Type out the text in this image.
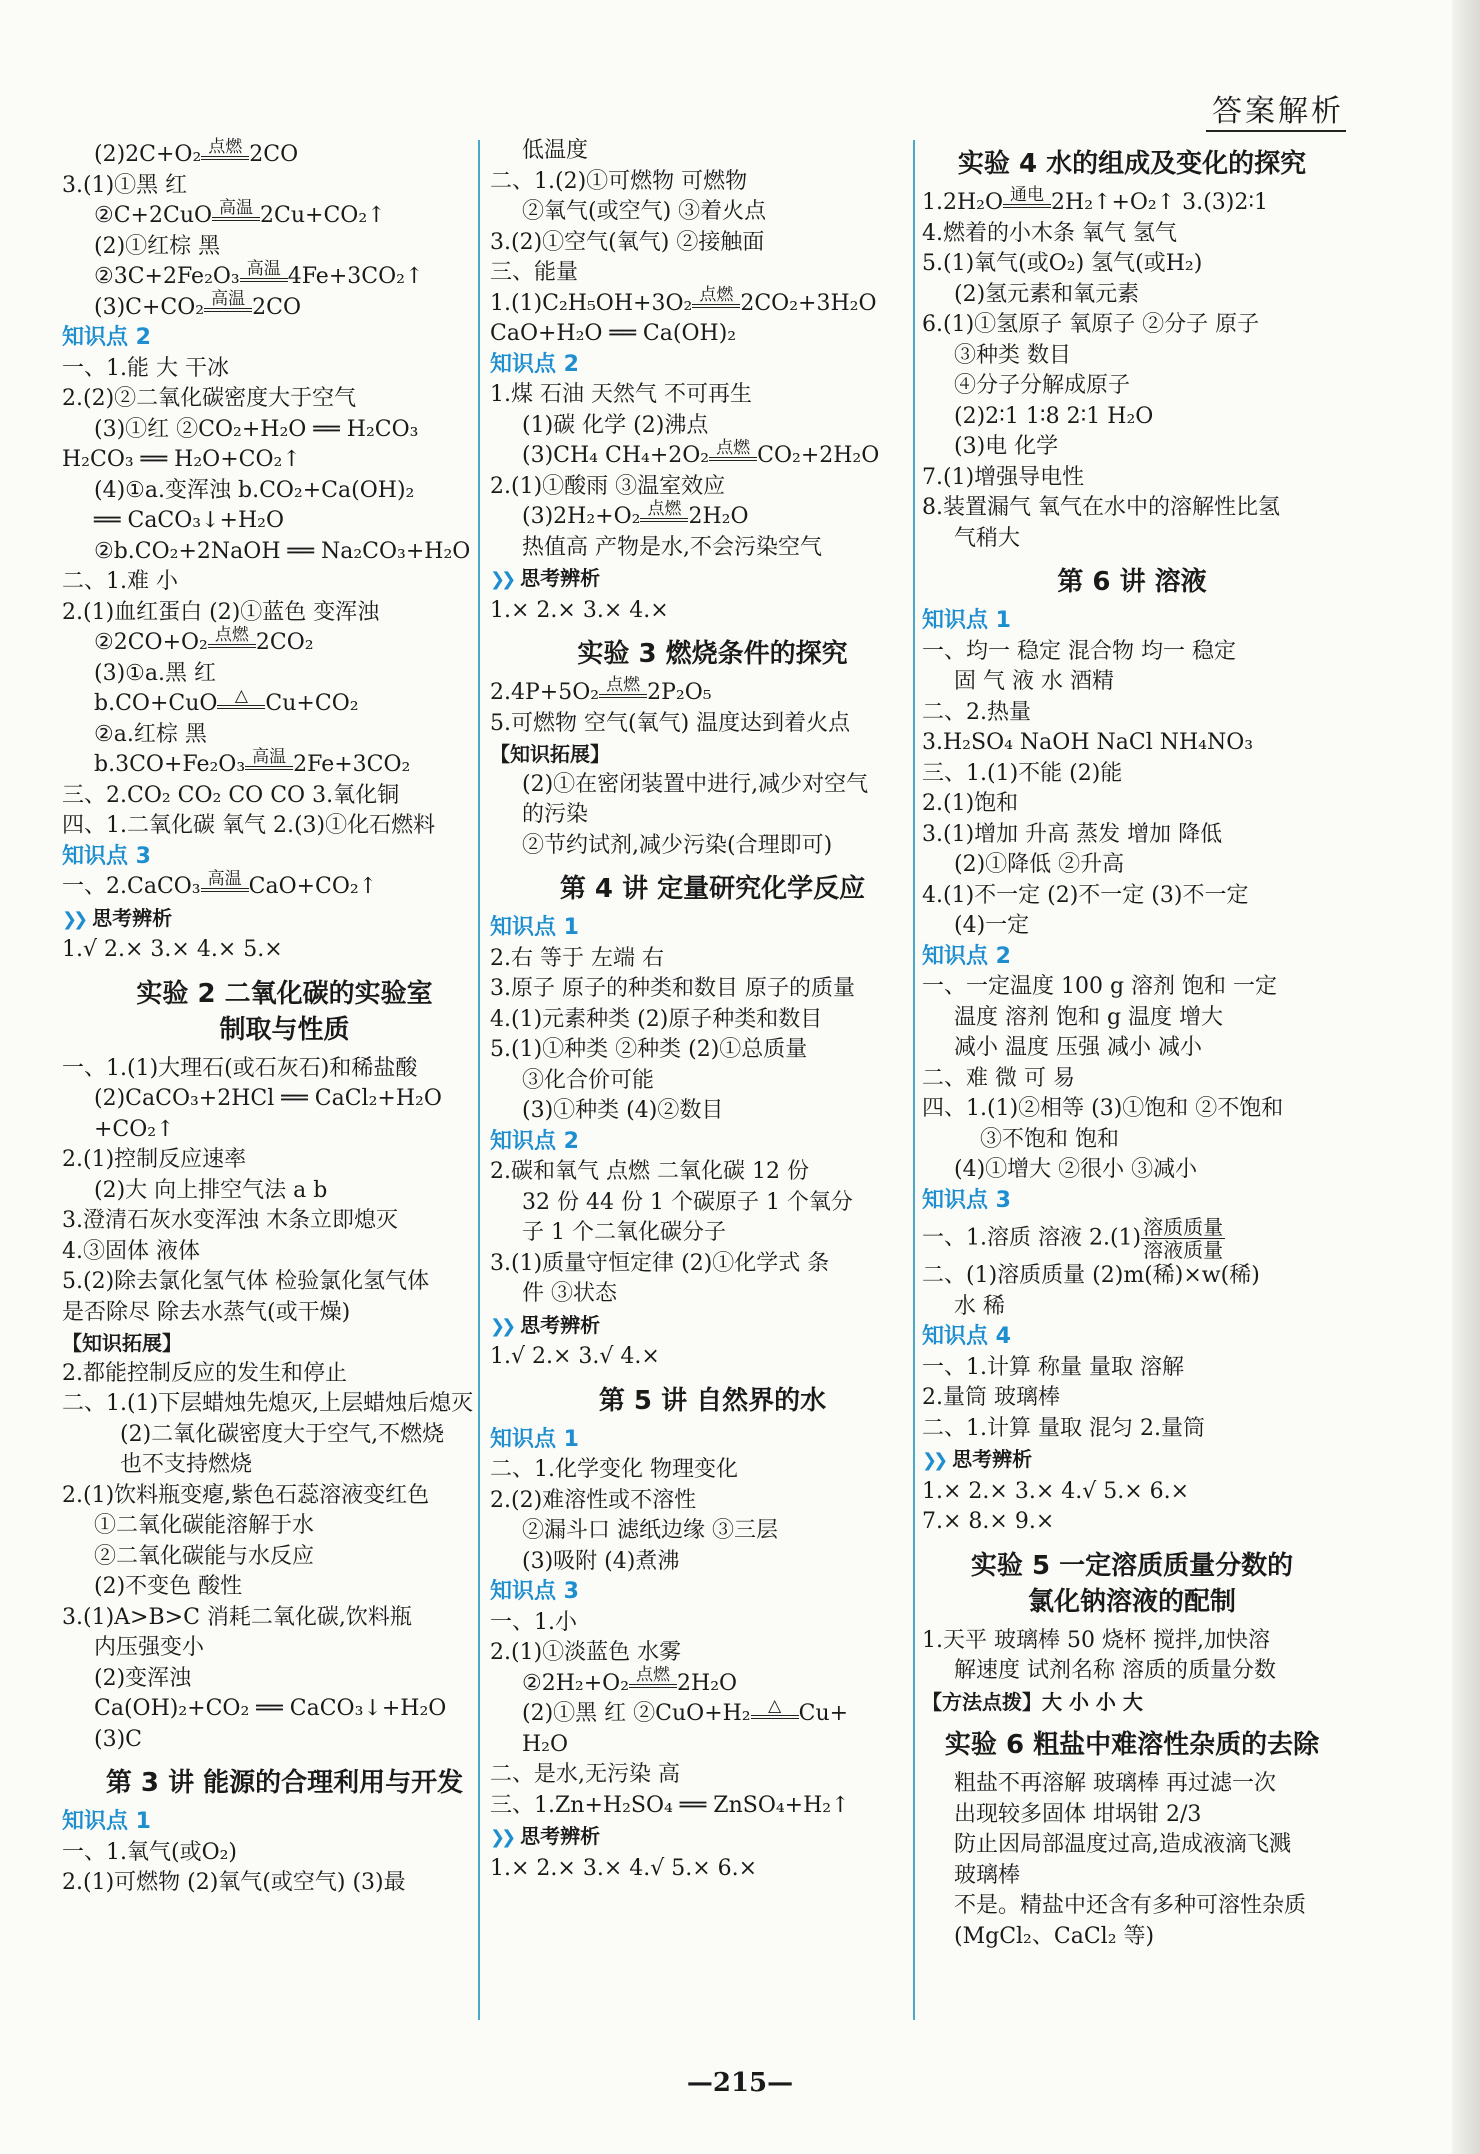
答案解析
(2)2C+O₂ 点燃 2CO
3.(1)①黑 红
②C+2CuO 高温 2Cu+CO₂↑
(2)①红棕 黑
②3C+2Fe₂O₃ 高温 4Fe+3CO₂↑
(3)C+CO₂ 高温 2CO
知识点 2
一、1.能 大 干冰
2.(2)②二氧化碳密度大于空气
(3)①红 ②CO₂+H₂O ══ H₂CO₃
H₂CO₃ ══ H₂O+CO₂↑
(4)①a.变浑浊 b.CO₂+Ca(OH)₂
══ CaCO₃↓+H₂O
②b.CO₂+2NaOH ══ Na₂CO₃+H₂O
二、1.难 小
2.(1)血红蛋白 (2)①蓝色 变浑浊
②2CO+O₂ 点燃 2CO₂
(3)①a.黑 红
b.CO+CuO △ Cu+CO₂
②a.红棕 黑
b.3CO+Fe₂O₃ 高温 2Fe+3CO₂
三、2.CO₂ CO₂ CO CO 3.氧化铜
四、1.二氧化碳 氧气 2.(3)①化石燃料
知识点 3
一、2.CaCO₃ 高温 CaO+CO₂↑
❯❯ 思考辨析
1.√ 2.× 3.× 4.× 5.×
实验 2 二氧化碳的实验室
制取与性质
一、1.(1)大理石(或石灰石)和稀盐酸
(2)CaCO₃+2HCl ══ CaCl₂+H₂O
+CO₂↑
2.(1)控制反应速率
(2)大 向上排空气法 a b
3.澄清石灰水变浑浊 木条立即熄灭
4.③固体 液体
5.(2)除去氯化氢气体 检验氯化氢气体
是否除尽 除去水蒸气(或干燥)
【知识拓展】
2.都能控制反应的发生和停止
二、1.(1)下层蜡烛先熄灭,上层蜡烛后熄灭
(2)二氧化碳密度大于空气,不燃烧
也不支持燃烧
2.(1)饮料瓶变瘪,紫色石蕊溶液变红色
①二氧化碳能溶解于水
②二氧化碳能与水反应
(2)不变色 酸性
3.(1)A>B>C 消耗二氧化碳,饮料瓶
内压强变小
(2)变浑浊
Ca(OH)₂+CO₂ ══ CaCO₃↓+H₂O
(3)C
第 3 讲 能源的合理利用与开发
知识点 1
一、1.氧气(或O₂)
2.(1)可燃物 (2)氧气(或空气) (3)最
低温度
二、1.(2)①可燃物 可燃物
②氧气(或空气) ③着火点
3.(2)①空气(氧气) ②接触面
三、能量
1.(1)C₂H₅OH+3O₂ 点燃 2CO₂+3H₂O
CaO+H₂O ══ Ca(OH)₂
知识点 2
1.煤 石油 天然气 不可再生
(1)碳 化学 (2)沸点
(3)CH₄ CH₄+2O₂ 点燃 CO₂+2H₂O
2.(1)①酸雨 ③温室效应
(3)2H₂+O₂ 点燃 2H₂O
热值高 产物是水,不会污染空气
❯❯ 思考辨析
1.× 2.× 3.× 4.×
实验 3 燃烧条件的探究
2.4P+5O₂ 点燃 2P₂O₅
5.可燃物 空气(氧气) 温度达到着火点
【知识拓展】
(2)①在密闭装置中进行,减少对空气
的污染
②节约试剂,减少污染(合理即可)
第 4 讲 定量研究化学反应
知识点 1
2.右 等于 左端 右
3.原子 原子的种类和数目 原子的质量
4.(1)元素种类 (2)原子种类和数目
5.(1)①种类 ②种类 (2)①总质量
③化合价可能
(3)①种类 (4)②数目
知识点 2
2.碳和氧气 点燃 二氧化碳 12 份
32 份 44 份 1 个碳原子 1 个氧分
子 1 个二氧化碳分子
3.(1)质量守恒定律 (2)①化学式 条
件 ③状态
❯❯ 思考辨析
1.√ 2.× 3.√ 4.×
第 5 讲 自然界的水
知识点 1
二、1.化学变化 物理变化
2.(2)难溶性或不溶性
②漏斗口 滤纸边缘 ③三层
(3)吸附 (4)煮沸
知识点 3
一、1.小
2.(1)①淡蓝色 水雾
②2H₂+O₂ 点燃 2H₂O
(2)①黑 红 ②CuO+H₂ △ Cu+
H₂O
二、是水,无污染 高
三、1.Zn+H₂SO₄ ══ ZnSO₄+H₂↑
❯❯ 思考辨析
1.× 2.× 3.× 4.√ 5.× 6.×
实验 4 水的组成及变化的探究
1.2H₂O 通电 2H₂↑+O₂↑ 3.(3)2∶1
4.燃着的小木条 氧气 氢气
5.(1)氧气(或O₂) 氢气(或H₂)
(2)氢元素和氧元素
6.(1)①氢原子 氧原子 ②分子 原子
③种类 数目
④分子分解成原子
(2)2∶1 1∶8 2∶1 H₂O
(3)电 化学
7.(1)增强导电性
8.装置漏气 氧气在水中的溶解性比氢
气稍大
第 6 讲 溶液
知识点 1
一、均一 稳定 混合物 均一 稳定
固 气 液 水 酒精
二、2.热量
3.H₂SO₄ NaOH NaCl NH₄NO₃
三、1.(1)不能 (2)能
2.(1)饱和
3.(1)增加 升高 蒸发 增加 降低
(2)①降低 ②升高
4.(1)不一定 (2)不一定 (3)不一定
(4)一定
知识点 2
一、一定温度 100 g 溶剂 饱和 一定
温度 溶剂 饱和 g 温度 增大
减小 温度 压强 减小 减小
二、难 微 可 易
四、1.(1)②相等 (3)①饱和 ②不饱和
③不饱和 饱和
(4)①增大 ②很小 ③减小
知识点 3
一、1.溶质 溶液 $2.(1) \frac{\text{溶质质量}}{\text{溶液质量}}$
二、(1)溶质质量 (2)m(稀)×w(稀)
水 稀
知识点 4
一、1.计算 称量 量取 溶解
2.量筒 玻璃棒
二、1.计算 量取 混匀 2.量筒
❯❯ 思考辨析
1.× 2.× 3.× 4.√ 5.× 6.×
7.× 8.× 9.×
实验 5 一定溶质质量分数的
氯化钠溶液的配制
1.天平 玻璃棒 50 烧杯 搅拌,加快溶
解速度 试剂名称 溶质的质量分数
【方法点拨】大 小 小 大
实验 6 粗盐中难溶性杂质的去除
粗盐不再溶解 玻璃棒 再过滤一次
出现较多固体 坩埚钳 2/3
防止因局部温度过高,造成液滴飞溅
玻璃棒
不是。精盐中还含有多种可溶性杂质
(MgCl₂、CaCl₂ 等)
—215—
